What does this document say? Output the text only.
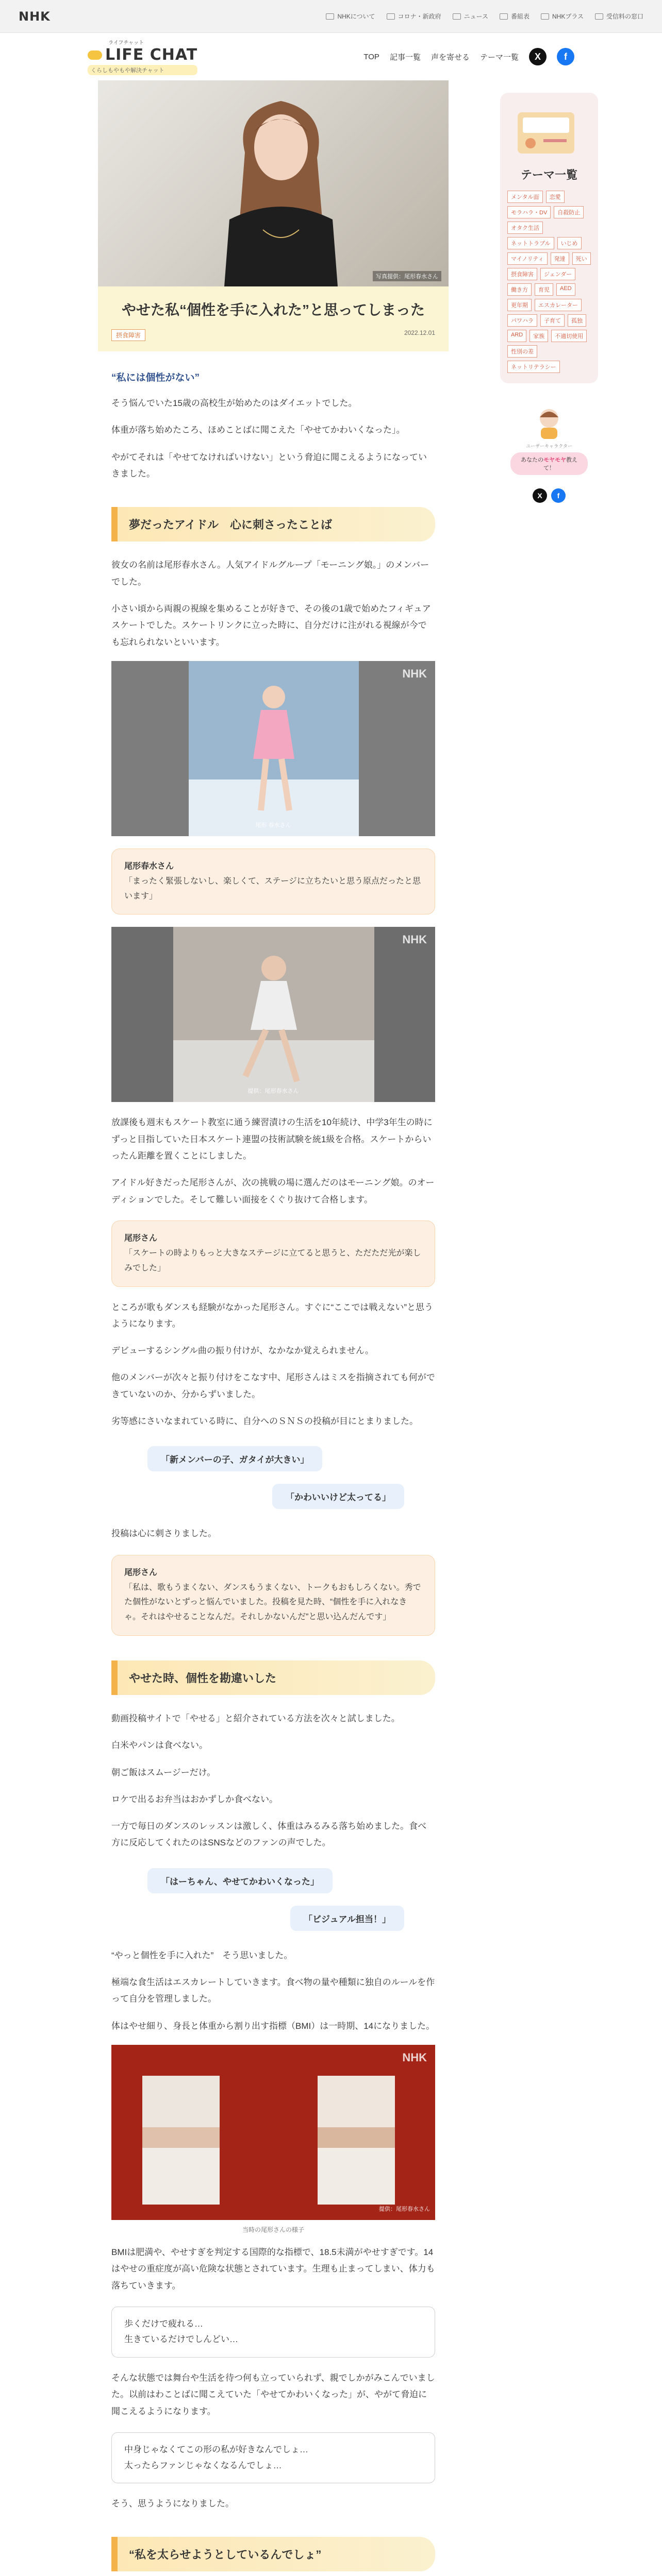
NHK	NHKについて	コロナ・新政府	ニュース	番組表	NHKプラス	受信料の窓口
ライフチャット
LIFE CHAT
くらしもやもや解決チャット
TOP 記事一覧 声を寄せる テーマ一覧	X	f
写真提供：尾形春水さん
やせた私“個性を手に入れた”と思ってしまった
摂食障害	2022.12.01
“私には個性がない”

そう悩んでいた15歳の高校生が始めたのはダイエットでした。

体重が落ち始めたころ、ほめことばに聞こえた「やせてかわいくなった」。

やがてそれは「やせてなければいけない」という脅迫に聞こえるようになっていきました。

夢だったアイドル　心に刺さったことば

彼女の名前は尾形春水さん。人気アイドルグループ「モーニング娘。」のメンバーでした。

小さい頃から両親の視線を集めることが好きで、その後の1歳で始めたフィギュアスケートでした。スケートリンクに立った時に、自分だけに注がれる視線が今でも忘れられないといいます。

NHK
尾形 春水さん
尾形春水さん
「まったく緊張しないし、楽しくて、ステージに立ちたいと思う原点だったと思います」
NHK
提供：尾形春水さん

放課後も週末もスケート教室に通う練習漬けの生活を10年続け、中学3年生の時にずっと目指していた日本スケート連盟の技術試験を統1級を合格。スケートからいったん距離を置くことにしました。

アイドル好きだった尾形さんが、次の挑戦の場に選んだのはモーニング娘。のオーディションでした。そして難しい面接をくぐり抜けて合格します。

尾形さん
「スケートの時よりもっと大きなステージに立てると思うと、ただただ光が楽しみでした」

ところが歌もダンスも経験がなかった尾形さん。すぐに“ここでは戦えない”と思うようになります。

デビューするシングル曲の振り付けが、なかなか覚えられません。

他のメンバーが次々と振り付けをこなす中、尾形さんはミスを指摘されても何ができていないのか、分からずいました。

劣等感にさいなまれている時に、自分へのＳＮＳの投稿が目にとまりました。

「新メンバーの子、ガタイが大きい」
「かわいいけど太ってる」

投稿は心に刺さりました。

尾形さん
「私は、歌もうまくない、ダンスもうまくない、トークもおもしろくない。秀でた個性がないとずっと悩んでいました。投稿を見た時、“個性を手に入れなきゃ。それはやせることなんだ。それしかないんだ”と思い込んだんです」
やせた時、個性を勘違いした

動画投稿サイトで「やせる」と紹介されている方法を次々と試しました。

白米やパンは食べない。

朝ご飯はスムージーだけ。

ロケで出るお弁当はおかずしか食べない。

一方で毎日のダンスのレッスンは激しく、体重はみるみる落ち始めました。食べ方に反応してくれたのはSNSなどのファンの声でした。

「はーちゃん、やせてかわいくなった」
「ビジュアル担当！」

“やっと個性を手に入れた”　そう思いました。

極端な食生活はエスカレートしていきます。食べ物の量や種類に独自のルールを作って自分を管理しました。

体はやせ細り、身長と体重から割り出す指標（BMI）は一時期、14になりました。

NHK
提供：尾形春水さん
当時の尾形さんの様子

BMIは肥満や、やせすぎを判定する国際的な指標で、18.5未満がやせすぎです。14はやせの重症度が高い危険な状態とされています。生理も止まってしまい、体力も落ちていきます。

歩くだけで疲れる…
生きているだけでしんどい…

そんな状態では舞台や生活を待つ何も立っていられず、親でしかがみこんでいました。以前はわことばに聞こえていた「やせてかわいくなった」が、やがて脅迫に聞こえるようになります。

中身じゃなくてこの形の私が好きなんでしょ…
太ったらファンじゃなくなるんでしょ…

そう、思うようになりました。

“私を太らせようとしているんでしょ”

テーマ一覧
メンタル面	恋愛
モラハラ・DV	自殺防止
オタク生活
ネットトラブル	いじめ
マイノリティ	発達	死い
摂食障害	ジェンダー
働き方	育児	AED
更年期	エスカレーター
パワハラ	子育て	孤独
ARD	家族	不適切使用
性別の差
ネットリテラシー
ユーザーキャラクター
あなたのモヤモヤ教えて！
X	f
